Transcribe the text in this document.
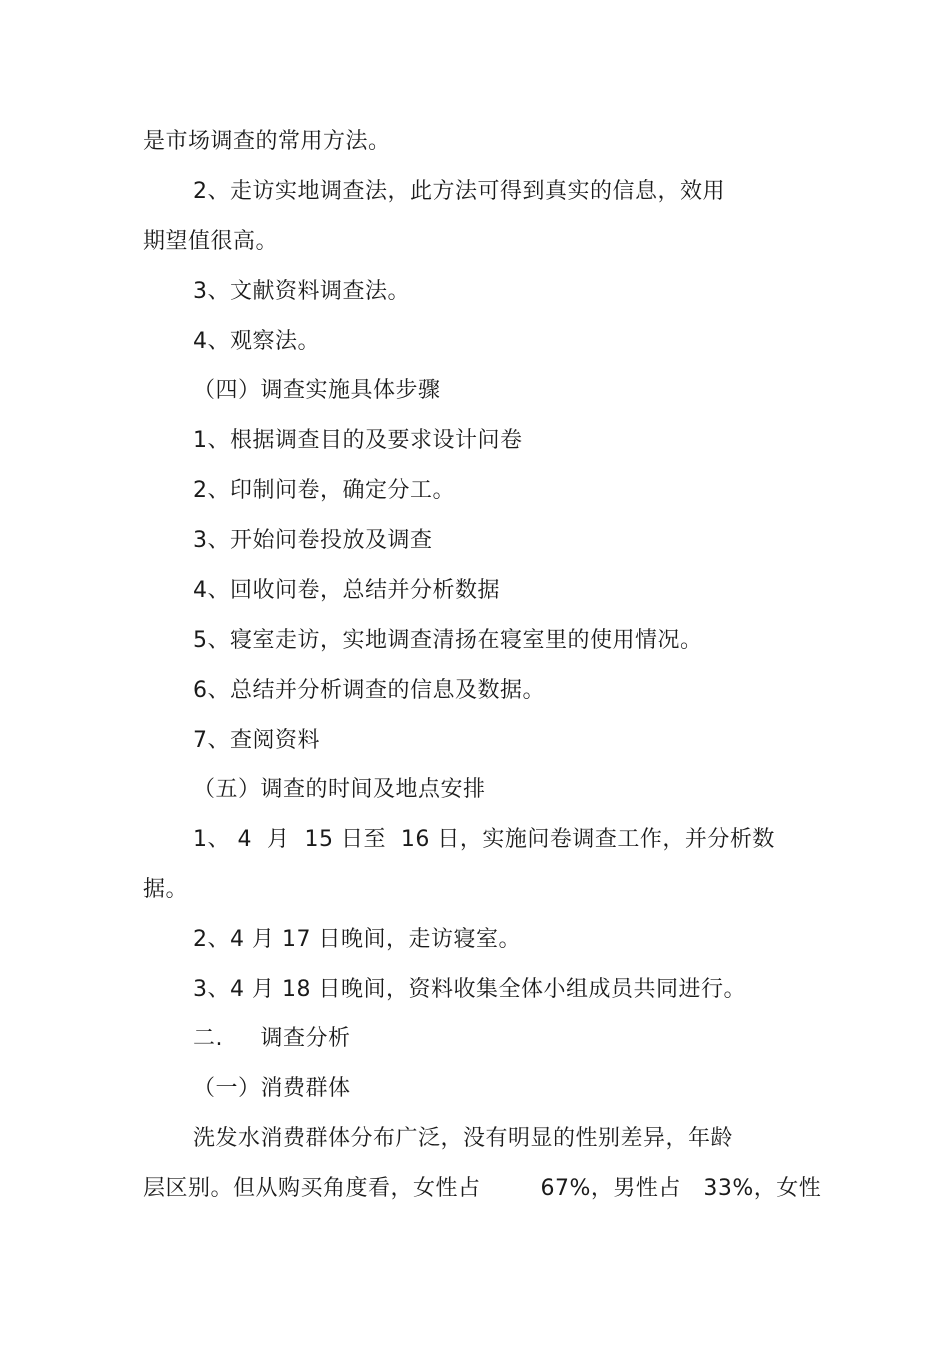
是市场调查的常用方法。
2、走访实地调查法，此方法可得到真实的信息，效用
期望值很高。
3、文献资料调查法。
4、观察法。
（四）调查实施具体步骤
1、根据调查目的及要求设计问卷
2、印制问卷，确定分工。
3、开始问卷投放及调查
4、回收问卷，总结并分析数据
5、寝室走访，实地调查清扬在寝室里的使用情况。
6、总结并分析调查的信息及数据。
7、查阅资料
（五）调查的时间及地点安排
1、 4  月  15 日至  16 日，实施问卷调查工作，并分析数
据。
2、4 月 17 日晚间，走访寝室。
3、4 月 18 日晚间，资料收集全体小组成员共同进行。
二.     调查分析
（一）消费群体
洗发水消费群体分布广泛，没有明显的性别差异，年龄
层区别。但从购买角度看，女性占        67%，男性占   33%，女性
